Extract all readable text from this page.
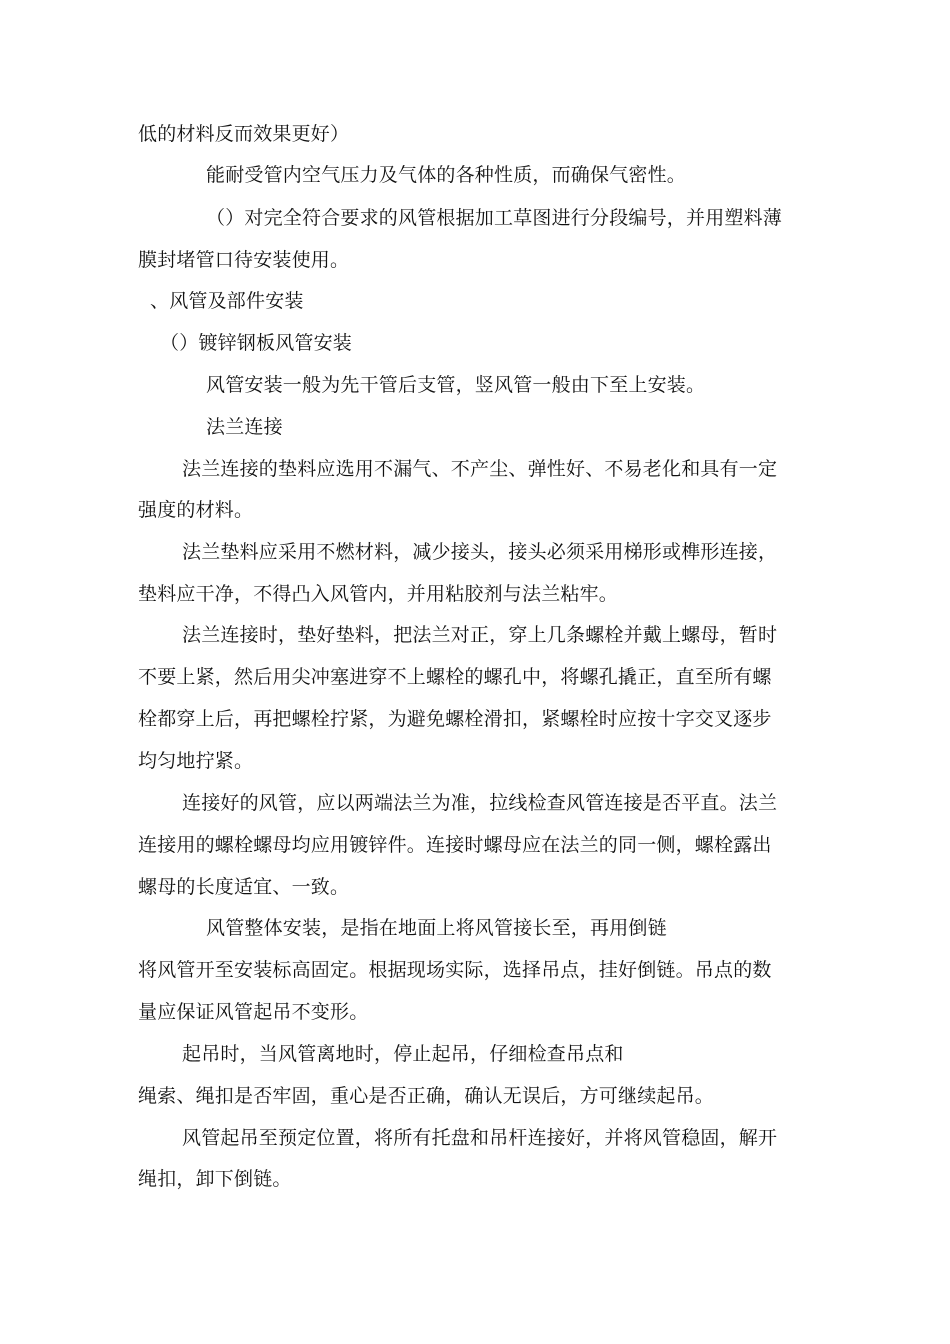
低的材料反而效果更好）
能耐受管内空气压力及气体的各种性质，而确保气密性。
（）对完全符合要求的风管根据加工草图进行分段编号，并用塑料薄
膜封堵管口待安装使用。
、风管及部件安装
（）镀锌钢板风管安装
风管安装一般为先干管后支管，竖风管一般由下至上安装。
法兰连接
法兰连接的垫料应选用不漏气、不产尘、弹性好、不易老化和具有一定
强度的材料。
法兰垫料应采用不燃材料，减少接头，接头必须采用梯形或榫形连接，
垫料应干净，不得凸入风管内，并用粘胶剂与法兰粘牢。
法兰连接时，垫好垫料，把法兰对正，穿上几条螺栓并戴上螺母，暂时
不要上紧，然后用尖冲塞进穿不上螺栓的螺孔中，将螺孔撬正，直至所有螺
栓都穿上后，再把螺栓拧紧，为避免螺栓滑扣，紧螺栓时应按十字交叉逐步
均匀地拧紧。
连接好的风管，应以两端法兰为准，拉线检查风管连接是否平直。法兰
连接用的螺栓螺母均应用镀锌件。连接时螺母应在法兰的同一侧，螺栓露出
螺母的长度适宜、一致。
风管整体安装，是指在地面上将风管接长至，再用倒链
将风管开至安装标高固定。根据现场实际，选择吊点，挂好倒链。吊点的数
量应保证风管起吊不变形。
起吊时，当风管离地时，停止起吊，仔细检查吊点和
绳索、绳扣是否牢固，重心是否正确，确认无误后，方可继续起吊。
风管起吊至预定位置，将所有托盘和吊杆连接好，并将风管稳固，解开
绳扣，卸下倒链。
